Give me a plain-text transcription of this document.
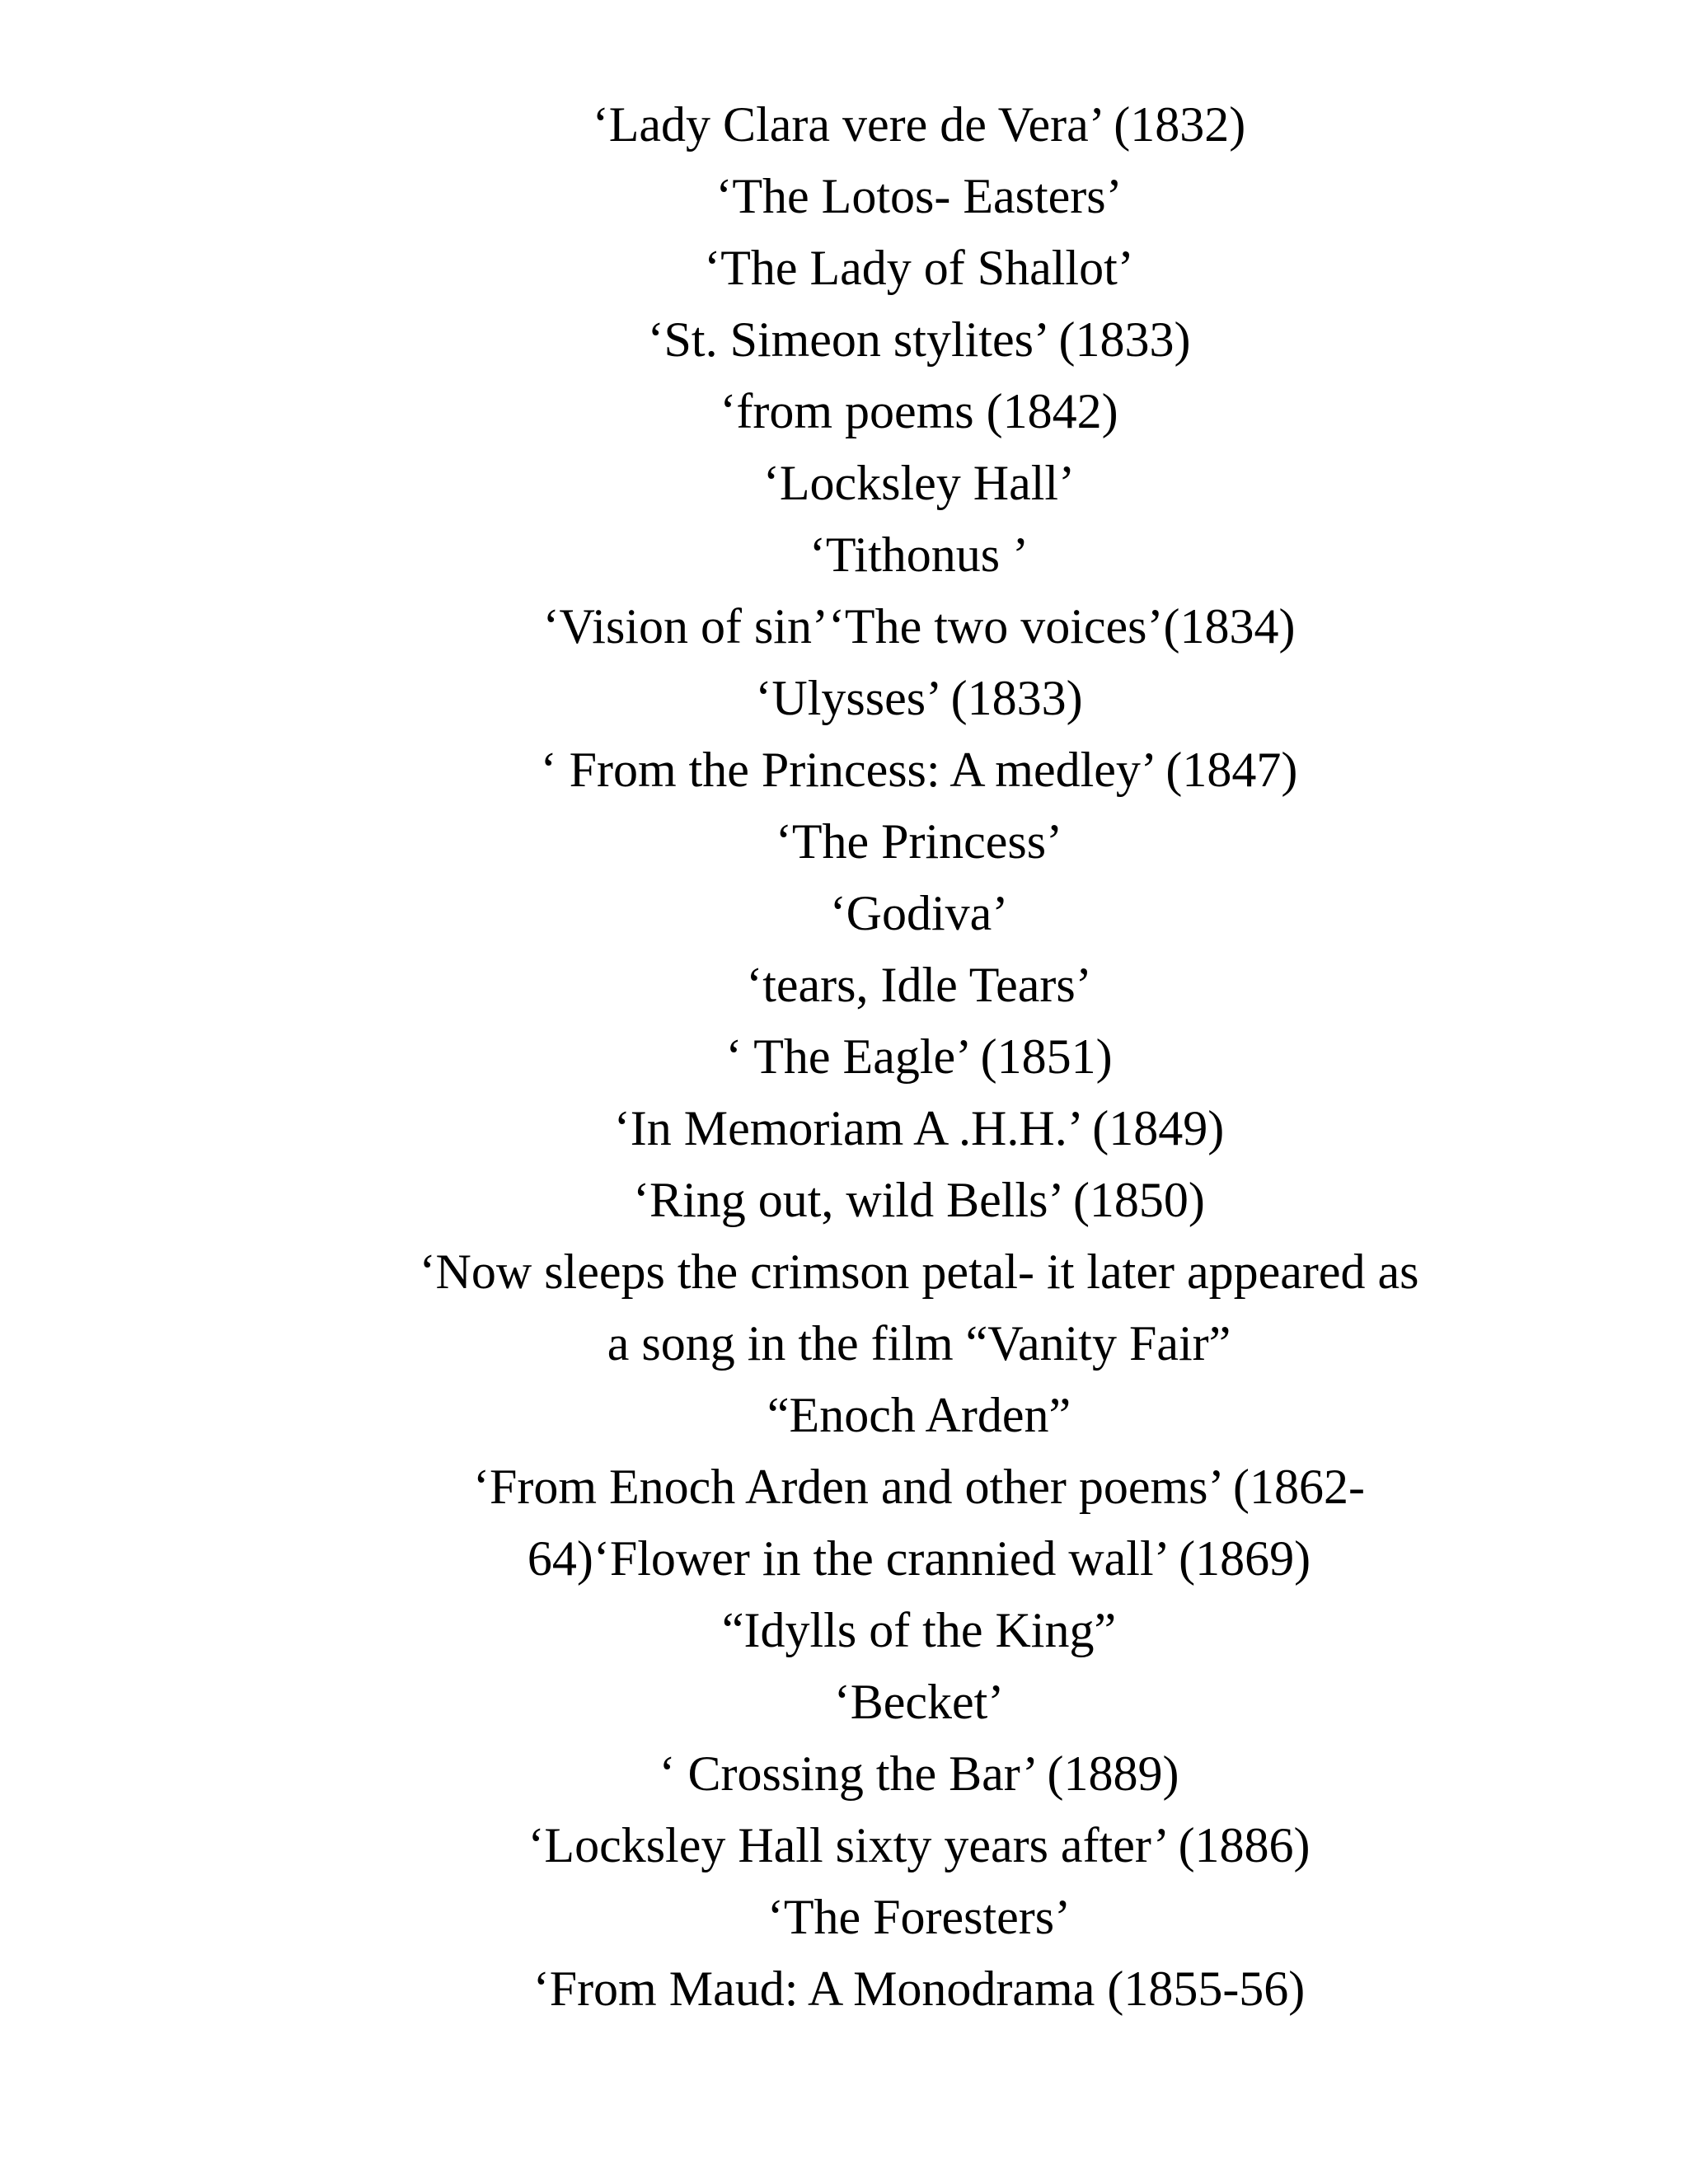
‘Lady Clara vere de Vera’ (1832)
‘The Lotos- Easters’
‘The Lady of Shallot’
‘St. Simeon stylites’ (1833)
‘from poems (1842)
‘Locksley Hall’
‘Tithonus ’
‘Vision of sin’‘The two voices’(1834)
‘Ulysses’ (1833)
‘ From the Princess: A medley’ (1847)
‘The Princess’
‘Godiva’
‘tears, Idle Tears’
‘ The Eagle’ (1851)
‘In Memoriam A .H.H.’ (1849)
‘Ring out, wild Bells’ (1850)
‘Now sleeps the crimson petal- it later appeared as
a song in the film “Vanity Fair”
“Enoch Arden”
‘From Enoch Arden and other poems’ (1862-
64)‘Flower in the crannied wall’ (1869)
“Idylls of the King”
‘Becket’
‘ Crossing the Bar’ (1889)
‘Locksley Hall sixty years after’ (1886)
‘The Foresters’
‘From Maud: A Monodrama (1855-56)
